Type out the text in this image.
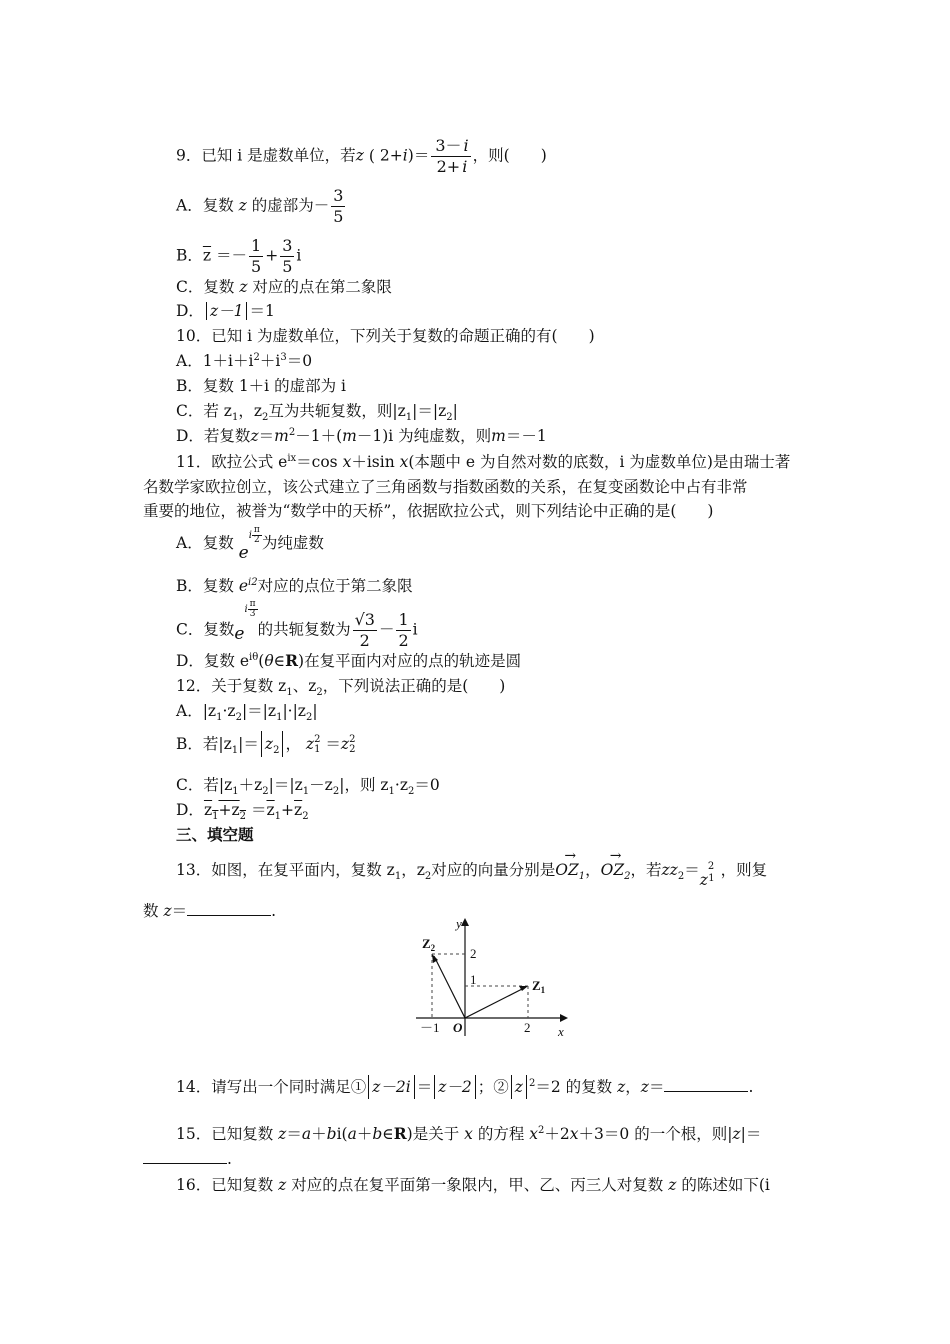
9．已知 i 是虚数单位，若z ( $2+i)= \frac{3- i}{2+ i}$ ，则(　　)
A．复数 z 的虚部为－ $\frac{3}{5}$
B．$\overline{z} =- \frac{1}{5} + \frac{3}{5}$ i
C．复数 z 对应的点在第二象限
D． z－1 ＝1
10．已知 i 为虚数单位，下列关于复数的命题正确的有(　　)
A．$1+i+i^2+i^3=0$
B．复数 1＋i 的虚部为 i
C．若 $z_1$，$z_2$互为共轭复数，则$|z_1|=|z_2|$
D．若复数$z=m^2-1+(m-1)i$ 为纯虚数，则m＝－1
11．欧拉公式 $e^{ix}=\cos$ x＋isin x(本题中 e 为自然对数的底数，i 为虚数单位)是由瑞士著
名数学家欧拉创立，该公式建立了三角函数与指数函数的关系，在复变函数论中占有非常
重要的地位，被誉为“数学中的天桥”，依据欧拉公式，则下列结论中正确的是(　　)
A．复数 ei $\frac{\pi}{2}$ 为纯虚数
B．复数 $e^{i2}$对应的点位于第二象限
C．复数ei $\frac{\pi}{3}$
的共轭复数为 $\frac{√3}{2} - \frac{1}{2}$ i
D．复数 $e^{i\theta}(\theta\in R)$在复平面内对应的点的轨迹是圆
12．关于复数 $z_1$、$z_2$，下列说法正确的是(　　)
A．$|z_1\cdot z_2|=|z_1|\cdot|z_2|$
B．若$|z_1|= z_2$ ， z 2
1 ＝z 2
2
C．若$|z_1+z_2|=|z_1-z_2|$，则 $z_1\cdot z_2=0$
D．$z_1+z_2 =\overline{z}_1+\overline{z}_2$
三、填空题
13．如图，在复平面内，复数 $z_1$，$z_2$对应的向量分别是→ $OZ_1$，→ $OZ_2$，若$zz_2=z_{21}$ ，则复
数 z＝	.
y
x
$Z_2$
$Z_1$
O
－1	2
1
2
14．请写出一个同时满足① z－2i ＝ z－2 ；② z $^2$＝2 的复数 z，z＝	.
15．已知复数 z＝a＋bi(a＋b∈R)是关于 x 的方程 $x^2+2x+3=0$ 的一个根，则|z|＝
.
16．已知复数 z 对应的点在复平面第一象限内，甲、乙、丙三人对复数 z 的陈述如下(i
